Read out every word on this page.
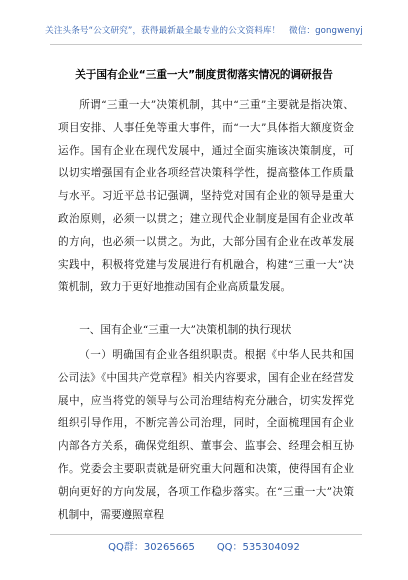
关注头条号“公文研究”，获得最新最全最专业的公文资料库！  微信：gongwenyj
关于国有企业“三重一大”制度贯彻落实情况的调研报告

所谓“三重一大”决策机制，其中“三重”主要就是指决策、项目安排、人事任免等重大事件，而“一大”具体指大额度资金运作。国有企业在现代发展中，通过全面实施该决策制度，可以切实增强国有企业各项经营决策科学性，提高整体工作质量与水平。习近平总书记强调，坚持党对国有企业的领导是重大政治原则，必须一以贯之；建立现代企业制度是国有企业改革的方向，也必须一以贯之。为此，大部分国有企业在改革发展实践中，积极将党建与发展进行有机融合，构建“三重一大”决策机制，致力于更好地推动国有企业高质量发展。

一、国有企业“三重一大”决策机制的执行现状

（一）明确国有企业各组织职责。根据《中华人民共和国公司法》《中国共产党章程》相关内容要求，国有企业在经营发展中，应当将党的领导与公司治理结构充分融合，切实发挥党组织引导作用，不断完善公司治理，同时，全面梳理国有企业内部各方关系，确保党组织、董事会、监事会、经理会相互协作。党委会主要职责就是研究重大问题和决策，使得国有企业朝向更好的方向发展，各项工作稳步落实。在“三重一大”决策机制中，需要遵照章程

QQ群：30265665 QQ：535304092
